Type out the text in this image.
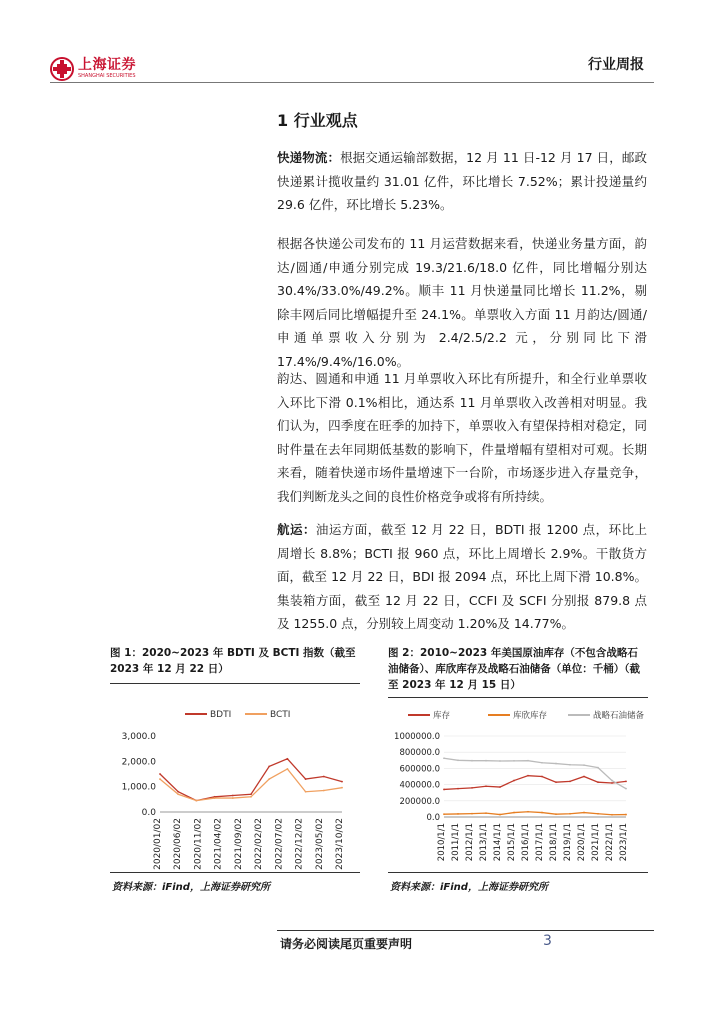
上海证券
SHANGHAI SECURITIES
行业周报
1 行业观点
快递物流：根据交通运输部数据，12 月 11 日-12 月 17 日，邮政快递累计揽收量约 31.01 亿件，环比增长 7.52%；累计投递量约 29.6 亿件，环比增长 5.23%。
根据各快递公司发布的 11 月运营数据来看，快递业务量方面，韵达/圆通/申通分别完成 19.3/21.6/18.0 亿件，同比增幅分别达 30.4%/33.0%/49.2%。顺丰 11 月快递量同比增长 11.2%，剔除丰网后同比增幅提升至 24.1%。单票收入方面 11 月韵达/圆通/申通单票收入分别为 2.4/2.5/2.2 元，分别同比下滑 17.4%/9.4%/16.0%。
韵达、圆通和申通 11 月单票收入环比有所提升，和全行业单票收入环比下滑 0.1%相比，通达系 11 月单票收入改善相对明显。我们认为，四季度在旺季的加持下，单票收入有望保持相对稳定，同时件量在去年同期低基数的影响下，件量增幅有望相对可观。长期来看，随着快递市场件量增速下一台阶，市场逐步进入存量竞争，我们判断龙头之间的良性价格竞争或将有所持续。
航运：油运方面，截至 12 月 22 日，BDTI 报 1200 点，环比上周增长 8.8%；BCTI 报 960 点，环比上周增长 2.9%。干散货方面，截至 12 月 22 日，BDI 报 2094 点，环比上周下滑 10.8%。集装箱方面，截至 12 月 22 日，CCFI 及 SCFI 分别报 879.8 点及 1255.0 点，分别较上周变动 1.20%及 14.77%。
图 1：2020~2023 年 BDTI 及 BCTI 指数（截至 2023 年 12 月 22 日）
BDTI	BCTI
3,000.0
2,000.0
1,000.0
0.0
2020/01/02 2020/06/02 2020/11/02 2021/04/02 2021/09/02 2022/02/02 2022/07/02 2022/12/02 2023/05/02 2023/10/02
资料来源：iFind，上海证券研究所
图 2：2010~2023 年美国原油库存（不包含战略石油储备）、库欣库存及战略石油储备（单位：千桶）（截至 2023 年 12 月 15 日）
库存	库欣库存	战略石油储备
1000000.0
800000.0
600000.0
400000.0
200000.0
0.0
2010/1/1 2011/1/1 2012/1/1 2013/1/1 2014/1/1 2015/1/1 2016/1/1 2017/1/1 2018/1/1 2019/1/1 2020/1/1 2021/1/1 2022/1/1 2023/1/1
资料来源：iFind，上海证券研究所
请务必阅读尾页重要声明	3
